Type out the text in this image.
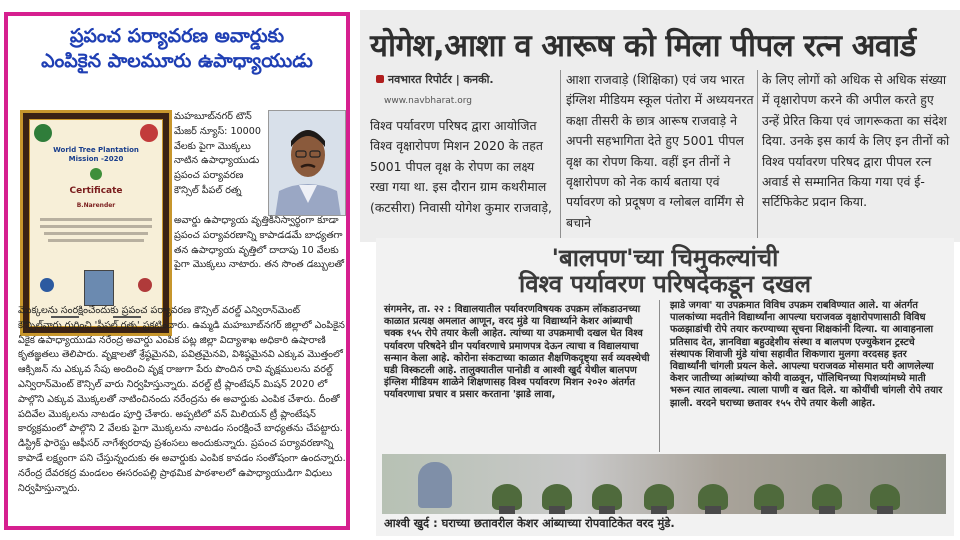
ప్రపంచ పర్యావరణ అవార్డుకు
ఎంపికైన పాలమూరు ఉపాధ్యాయుడు
World Tree Plantation
Mission -2020
Certificate
B.Narender
మహబూబ్‌నగర్ టౌన్ మేజర్ న్యూస్: 10000 వేలకు పైగా మొక్కలు నాటిన ఉపాధ్యాయుడు ప్రపంచ పర్యావరణ కౌన్సిల్ పీపల్ రత్న
అవార్డు ఉపాధ్యాయ వృత్తికినిస్వార్థంగా కూడా ప్రపంచ పర్యావరణాన్ని కాపాడడమే బాధ్యతగా తన ఉపాధ్యాయ వృత్తిలో దాదాపు 10 వేలకు పైగా మొక్కలు నాటారు. తన సొంత డబ్బులతో
మొక్కలను సంరక్షించేందుకు ప్రపంచ పర్యావరణ కౌన్సిల్ వరల్డ్ ఎన్విరాన్‌మెంట్ కౌన్సిల్‌వారు గుర్తించి 'పీపల్ రత్న' ప్రకటించారు. ఉమ్మడి మహబూబ్‌నగర్ జిల్లాలో ఎంపికైన ఏకైక ఉపాధ్యాయుడు నరేంద్ర అవార్డు ఎంపిక పట్ల జిల్లా విద్యాశాఖ అధికారి ఉషారాణి కృతజ్ఞతలు తెలిపారు. వృక్షాలతో శ్రేష్ఠమైనవి, పవిత్రమైనవి, విశిష్ఠమైనవి ఎక్కువ మొత్తంలో ఆక్సిజన్ ను ఎక్కువ సేపు అందించి వృక్ష రాజుగా పేరు పొందిన రావి వృక్షములను వరల్డ్ ఎన్విరాన్‌మెంట్ కౌన్సిల్ వారు నిర్వహిస్తున్నారు. వరల్డ్ ట్రీ ప్లాంటేషన్ మిషన్ 2020 లో పాల్గొని ఎక్కువ మొక్కలతో నాటించినందు నరేంద్రను ఈ అవార్డుకు ఎంపిక చేశారు. దీంతో పదివేల మొక్కలను నాటడం పూర్తి చేశారు. అప్పటిలో వన్ మిలియన్ ట్రీ ప్లాంటేషన్ కార్యక్రమంలో పాల్గొని 2 వేలకు పైగా మొక్కలను నాటడం సంరక్షించే బాధ్యతను చేపట్టారు. డిస్ట్రిక్ ఫారెస్టు ఆఫీసర్ నాగేశ్వరరావు ప్రశంసలు అందుకున్నారు. ప్రపంచ పర్యావరణాన్ని కాపాడే లక్ష్యంగా పని చేస్తున్నందుకు ఈ అవార్డుకు ఎంపిక కావడం సంతోషంగా ఉందన్నారు. నరేంద్ర దేవరకద్ర మండలం ఈసరంపల్లి ప్రాథమిక పాఠశాలలో ఉపాధ్యాయుడిగా విధులు నిర్వహిస్తున్నారు.
योगेश,आशा व आरूष को मिला पीपल रत्न अवार्ड
नवभारत रिपोर्टर | कनकी.
www.navbharat.org
विश्व पर्यावरण परिषद द्वारा आयोजित विश्व वृक्षारोपण मिशन 2020 के तहत 5001 पीपल वृक्ष के रोपण का लक्ष्य रखा गया था. इस दौरान ग्राम कथरीमाल (कटसीरा) निवासी योगेश कुमार राजवाड़े,
आशा राजवाड़े (शिक्षिका) एवं जय भारत इंग्लिश मीडियम स्कूल पंतोरा में अध्ययनरत कक्षा तीसरी के छात्र आरूष राजवाड़े ने अपनी सहभागिता देते हुए 5001 पीपल वृक्ष का रोपण किया. वहीं इन तीनों ने वृक्षारोपण को नेक कार्य बताया एवं पर्यावरण को प्रदूषण व ग्लोबल वार्मिंग से बचाने
के लिए लोगों को अधिक से अधिक संख्या में वृक्षारोपण करने की अपील करते हुए उन्हें प्रेरित किया एवं जागरूकता का संदेश दिया. उनके इस कार्य के लिए इन तीनों को विश्व पर्यावरण परिषद द्वारा पीपल रत्न अवार्ड से सम्मानित किया गया एवं ई-सर्टिफिकेट प्रदान किया.
'बालपण'च्या चिमुकल्यांची
विश्व पर्यावरण परिषदेकडून दखल
संगमनेर, ता. २२ : विद्यालयातील पर्यावरणविषयक उपक्रम लॉकडाउनच्या काळात प्रत्यक्ष अमलात आणून, वरद मुंडे या विद्यार्थ्याने केशर आंब्याची चक्क १५५ रोपे तयार केली आहेत. त्यांच्या या उपक्रमाची दखल घेत विश्व पर्यावरण परिषदेने ग्रीन पर्यावरणाचे प्रमाणपत्र देऊन त्याचा व विद्यालयाचा सन्मान केला आहे. कोरोना संकटाच्या काळात शैक्षणिकदृष्ट्या सर्व व्यवस्थेची घडी विस्कटली आहे. तालुक्यातील पानोडी व आश्वी खुर्द येथील बालपण इंग्लिश मीडियम शाळेने शिक्षणासह विश्व पर्यावरण मिशन २०२० अंतर्गत पर्यावरणाचा प्रचार व प्रसार करताना 'झाडे लावा,
झाडे जगवा' या उपक्रमात विविध उपक्रम राबविण्यात आले. या अंतर्गत पालकांच्या मदतीने विद्यार्थ्यांना आपल्या घराजवळ वृक्षारोपणासाठी विविध फळझाडांची रोपे तयार करण्याच्या सूचना शिक्षकांनी दिल्या. या आवाहनाला प्रतिसाद देत, ज्ञानविद्या बहुउद्देशीय संस्था व बालपण एज्युकेशन ट्रस्टचे संस्थापक शिवाजी मुंडे यांचा सहावीत शिकणारा मुलगा वरदसह इतर विद्यार्थ्यांनी चांगली प्रयत्न केले. आपल्या घराजवळ मोसमात घरी आणलेल्या केशर जातीच्या आंब्यांच्या कोयी वाळवून, पॉलिथिनच्या पिशव्यांमध्ये माती भरून त्यात लावल्या. त्याला पाणी व खत दिले. या कोयींची चांगली रोपे तयार झाली. वरदने घराच्या छतावर १५५ रोपे तयार केली आहेत.
आश्वी खुर्द : घराच्या छतावरील केशर आंब्याच्या रोपवाटिकेत वरद मुंडे.
